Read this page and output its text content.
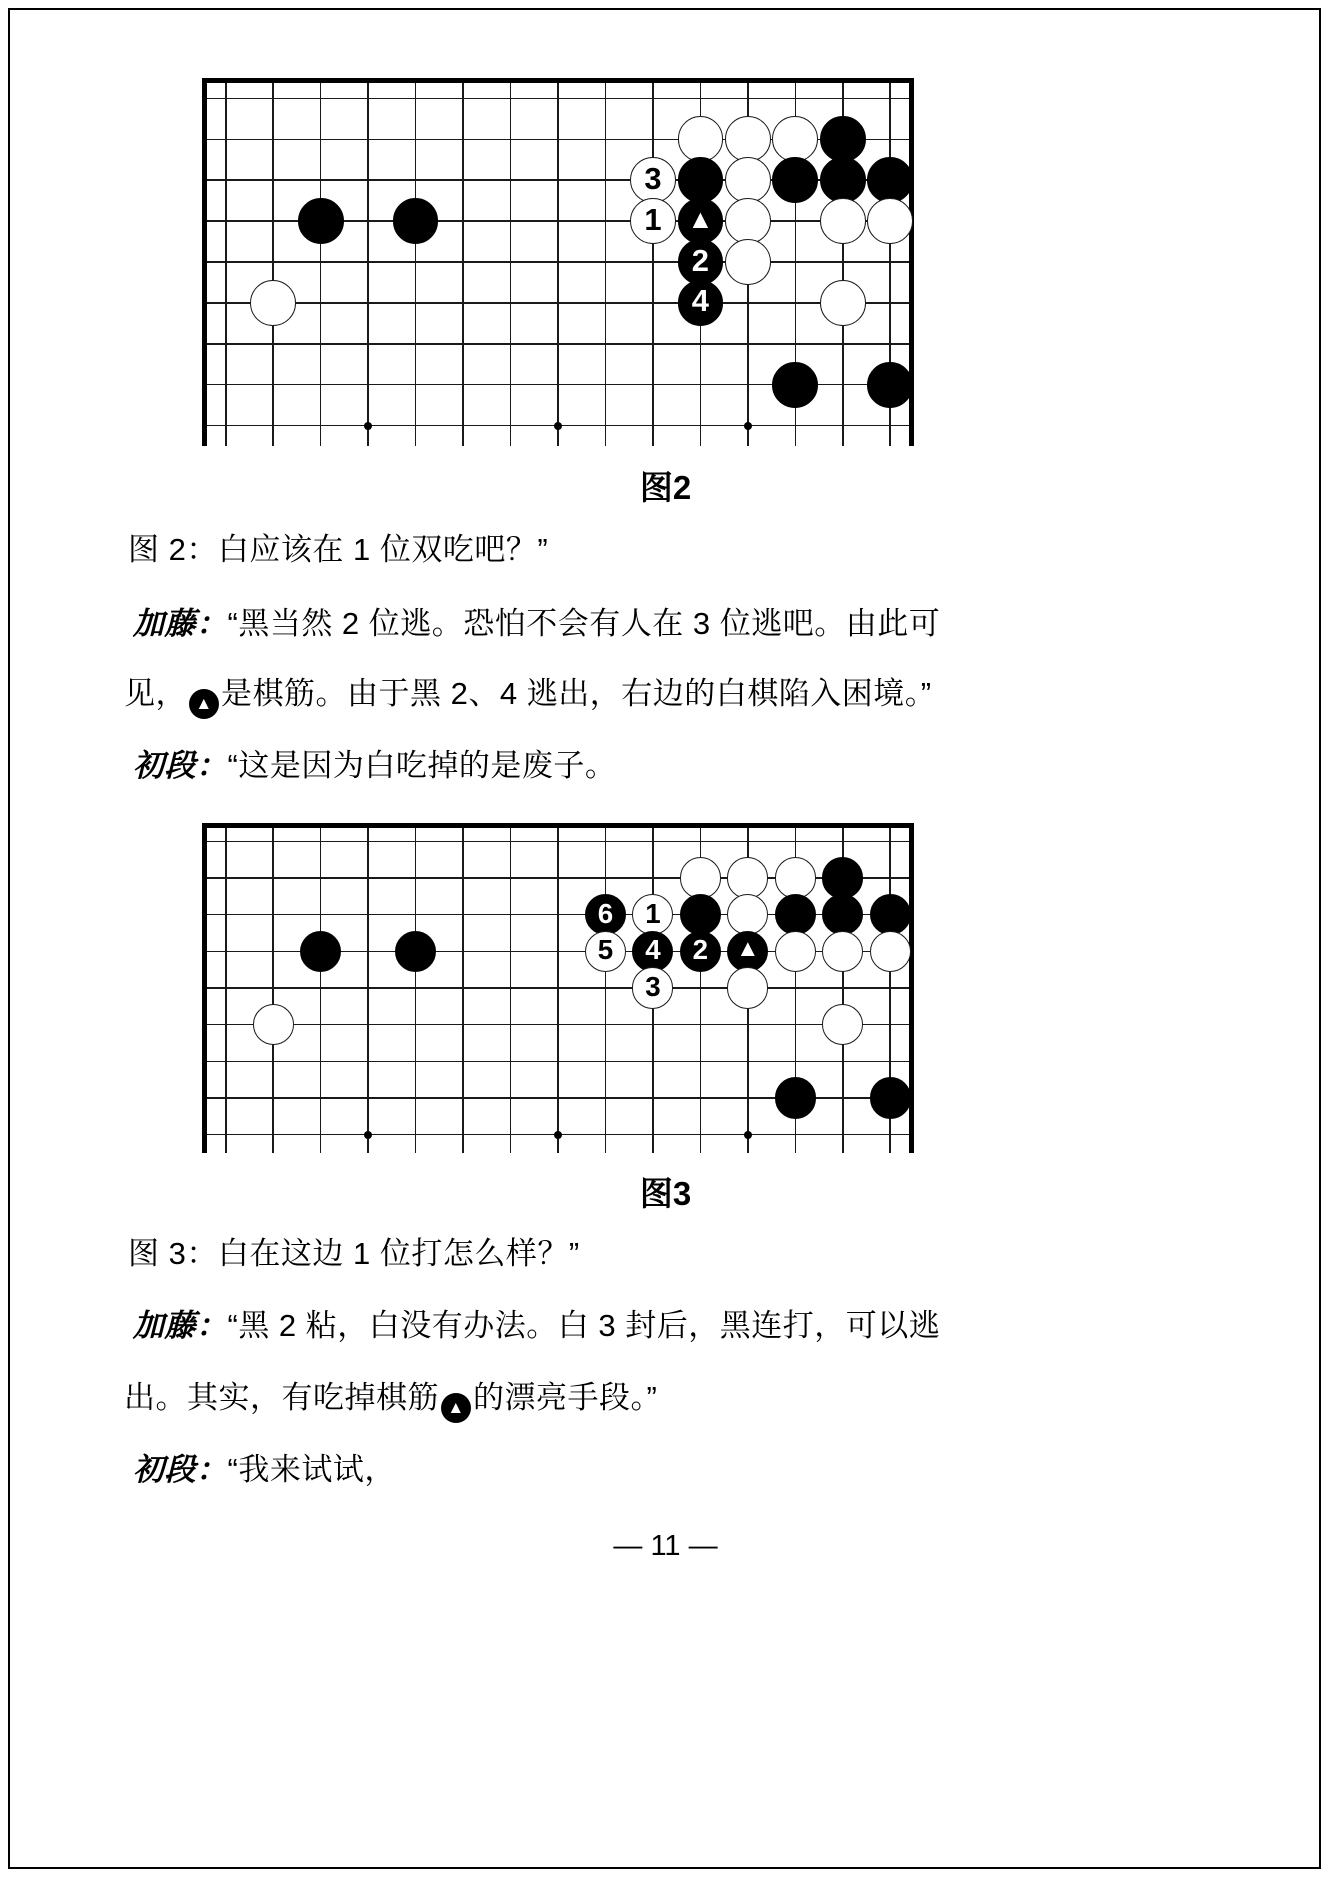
3
1 ▲
2
4
图2
图 2：白应该在 1 位双吃吧？”
加藤：“黑当然 2 位逃。恐怕不会有人在 3 位逃吧。由此可
见， ▲ 是棋筋。由于黑 2、4 逃出，右边的白棋陷入困境。”
初段：“这是因为白吃掉的是废子。
6 1
5 4 2 ▲
3
图3
图 3：白在这边 1 位打怎么样？”
加藤：“黑 2 粘，白没有办法。白 3 封后，黑连打，可以逃
出。其实，有吃掉棋筋 ▲ 的漂亮手段。”
初段：“我来试试，
— 11 —
